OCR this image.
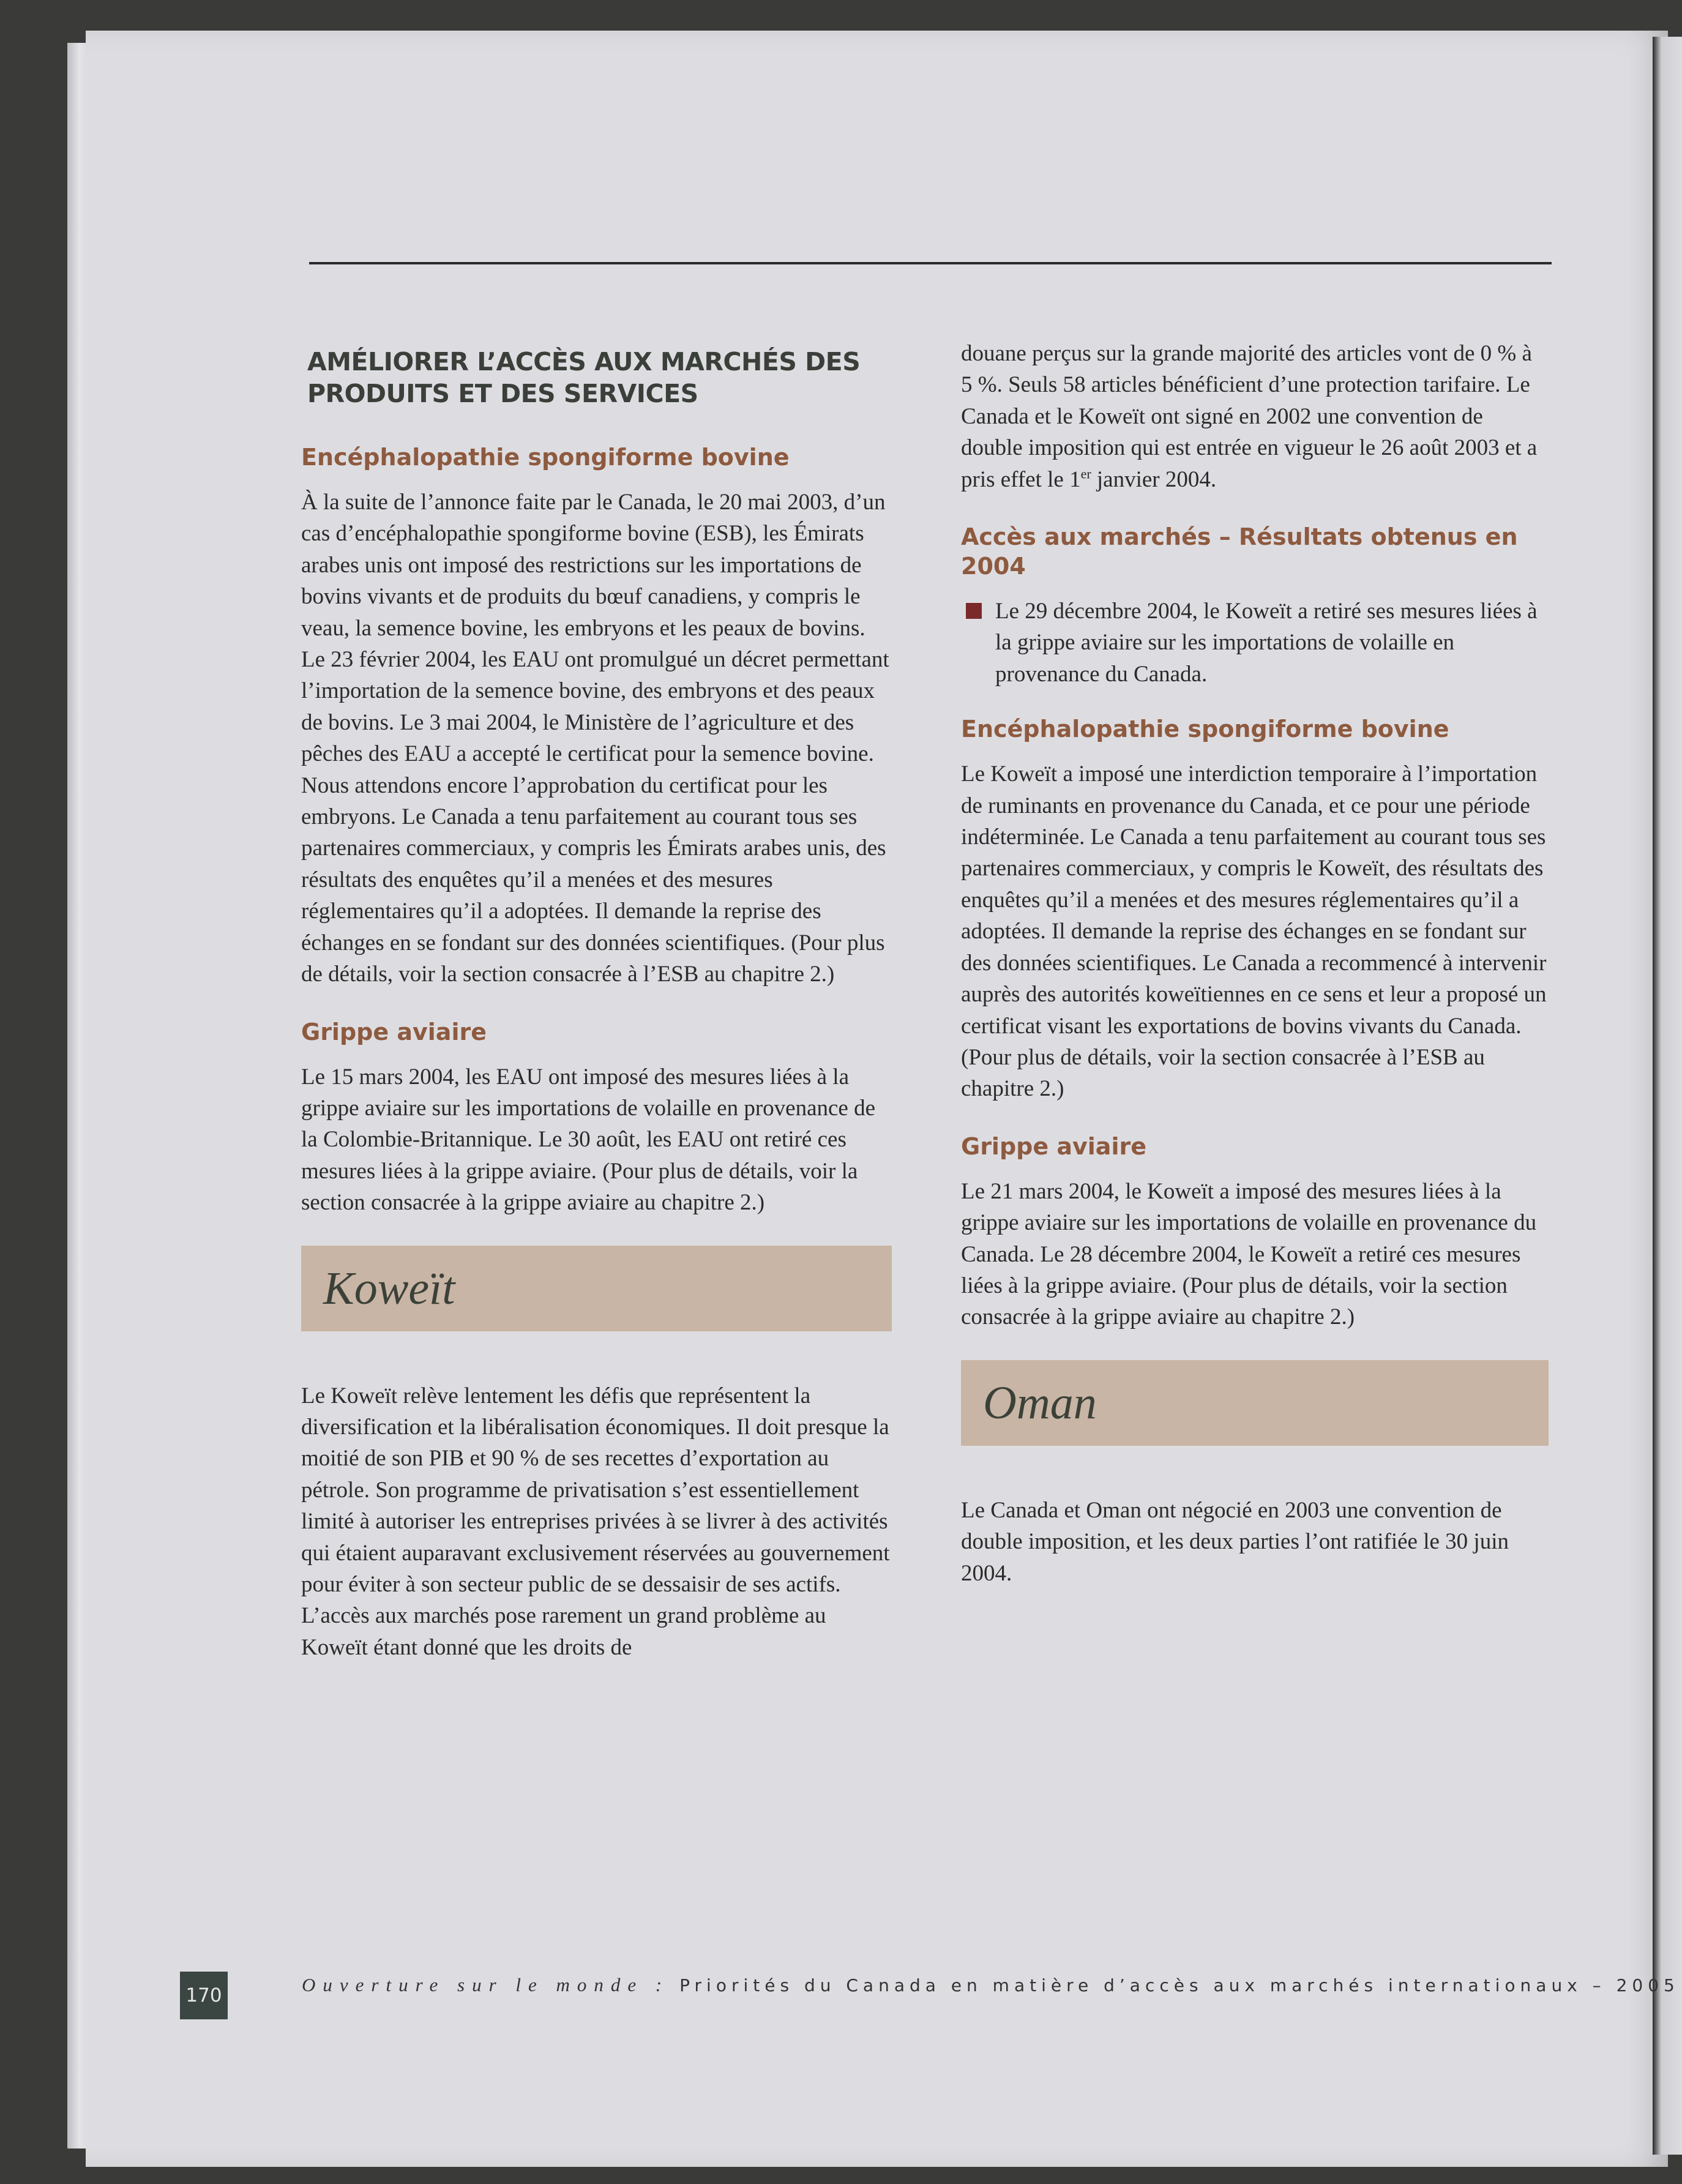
AMÉLIORER L’ACCÈS AUX MARCHÉS DES PRODUITS ET DES SERVICES
Encéphalopathie spongiforme bovine
À la suite de l’annonce faite par le Canada, le 20 mai 2003, d’un cas d’encéphalopathie spongiforme bovine (ESB), les Émirats arabes unis ont imposé des restrictions sur les importations de bovins vivants et de produits du bœuf canadiens, y compris le veau, la semence bovine, les embryons et les peaux de bovins. Le 23 février 2004, les EAU ont promulgué un décret permettant l’importation de la semence bovine, des embryons et des peaux de bovins. Le 3 mai 2004, le Ministère de l’agriculture et des pêches des EAU a accepté le certificat pour la semence bovine. Nous attendons encore l’approbation du certificat pour les embryons. Le Canada a tenu parfaitement au courant tous ses partenaires commerciaux, y compris les Émirats arabes unis, des résultats des enquêtes qu’il a menées et des mesures réglementaires qu’il a adoptées. Il demande la reprise des échanges en se fondant sur des données scientifiques. (Pour plus de détails, voir la section consacrée à l’ESB au chapitre 2.)
Grippe aviaire
Le 15 mars 2004, les EAU ont imposé des mesures liées à la grippe aviaire sur les importations de volaille en provenance de la Colombie-Britannique. Le 30 août, les EAU ont retiré ces mesures liées à la grippe aviaire. (Pour plus de détails, voir la section consacrée à la grippe aviaire au chapitre 2.)
Koweït
Le Koweït relève lentement les défis que représentent la diversification et la libéralisation économiques. Il doit presque la moitié de son PIB et 90 % de ses recettes d’exportation au pétrole. Son programme de privatisation s’est essentiellement limité à autoriser les entreprises privées à se livrer à des activités qui étaient auparavant exclusivement réservées au gouvernement pour éviter à son secteur public de se dessaisir de ses actifs. L’accès aux marchés pose rarement un grand problème au Koweït étant donné que les droits de
douane perçus sur la grande majorité des articles vont de 0 % à 5 %. Seuls 58 articles bénéficient d’une protection tarifaire. Le Canada et le Koweït ont signé en 2002 une convention de double imposition qui est entrée en vigueur le 26 août 2003 et a pris effet le 1er janvier 2004.
Accès aux marchés – Résultats obtenus en 2004
Le 29 décembre 2004, le Koweït a retiré ses mesures liées à la grippe aviaire sur les importations de volaille en provenance du Canada.
Encéphalopathie spongiforme bovine
Le Koweït a imposé une interdiction temporaire à l’importation de ruminants en provenance du Canada, et ce pour une période indéterminée. Le Canada a tenu parfaitement au courant tous ses partenaires commerciaux, y compris le Koweït, des résultats des enquêtes qu’il a menées et des mesures réglementaires qu’il a adoptées. Il demande la reprise des échanges en se fondant sur des données scientifiques. Le Canada a recommencé à intervenir auprès des autorités koweïtiennes en ce sens et leur a proposé un certificat visant les exportations de bovins vivants du Canada. (Pour plus de détails, voir la section consacrée à l’ESB au chapitre 2.)
Grippe aviaire
Le 21 mars 2004, le Koweït a imposé des mesures liées à la grippe aviaire sur les importations de volaille en provenance du Canada. Le 28 décembre 2004, le Koweït a retiré ces mesures liées à la grippe aviaire. (Pour plus de détails, voir la section consacrée à la grippe aviaire au chapitre 2.)
Oman
Le Canada et Oman ont négocié en 2003 une convention de double imposition, et les deux parties l’ont ratifiée le 30 juin 2004.
170	Ouverture sur le monde : Priorités du Canada en matière d’accès aux marchés internationaux – 2005
